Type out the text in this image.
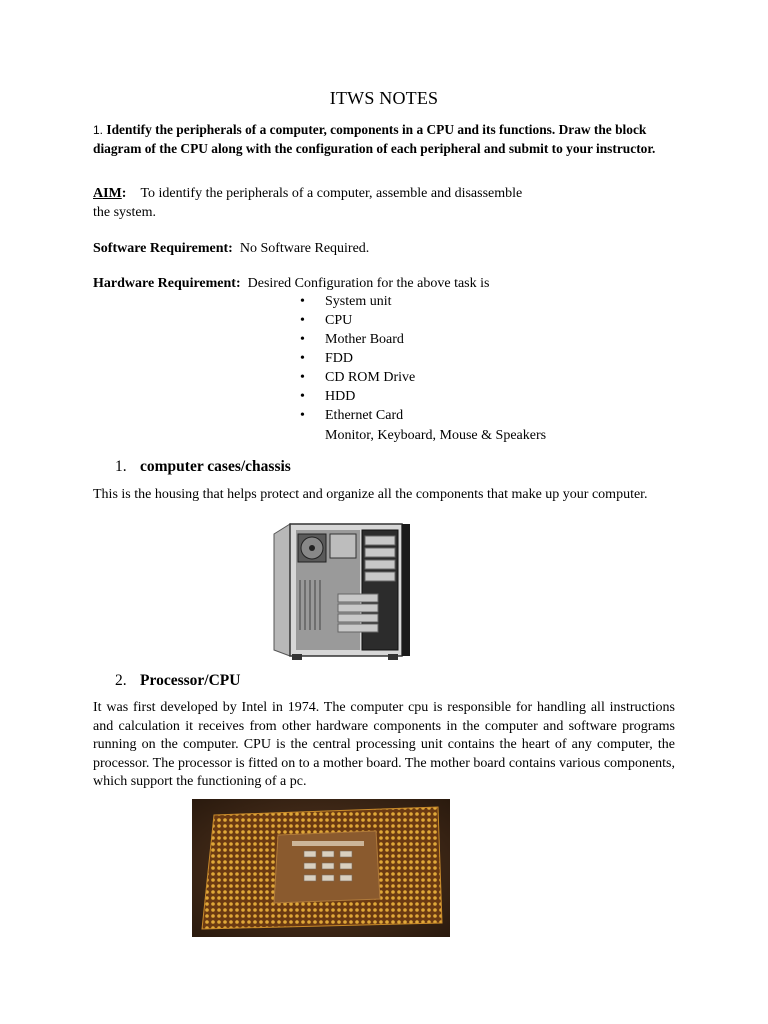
ITWS NOTES
1. Identify the peripherals of a computer, components in a CPU and its functions. Draw the block diagram of the CPU along with the configuration of each peripheral and submit to your instructor.
AIM: To identify the peripherals of a computer, assemble and disassemble
the system.
Software Requirement: No Software Required.
Hardware Requirement: Desired Configuration for the above task is
• System unit
• CPU
• Mother Board
• FDD
• CD ROM Drive
• HDD
• Ethernet Card
Monitor, Keyboard, Mouse & Speakers
1. computer cases/chassis
This is the housing that helps protect and organize all the components that make up your computer.
2. Processor/CPU
It was first developed by Intel in 1974. The computer cpu is responsible for handling all instructions and calculation it receives from other hardware components in the computer and software programs running on the computer. CPU is the central processing unit contains the heart of any computer, the processor. The processor is fitted on to a mother board. The mother board contains various components, which support the functioning of a pc.
